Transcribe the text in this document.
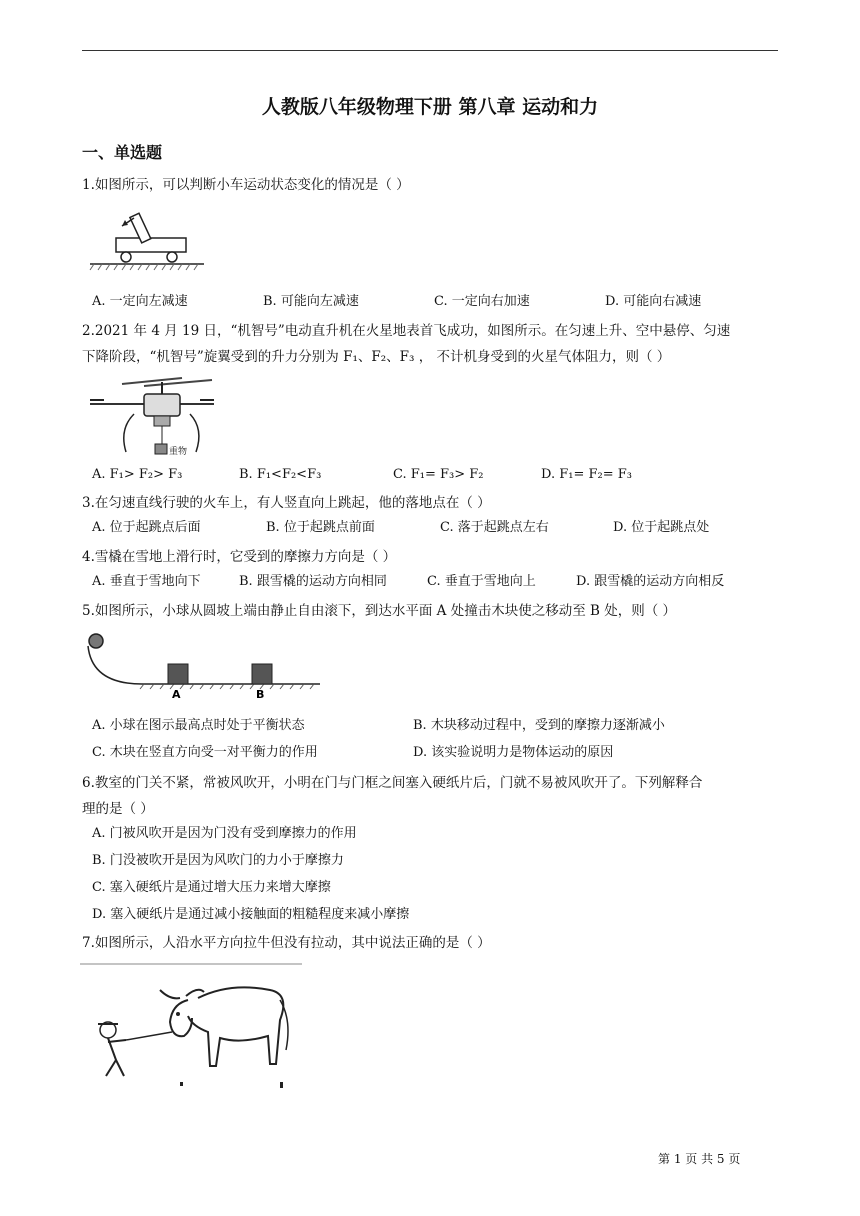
人教版八年级物理下册 第八章 运动和力
一、单选题
1.如图所示，可以判断小车运动状态变化的情况是（ ）
A. 一定向左减速	B. 可能向左减速	C. 一定向右加速	D. 可能向右减速
2.2021 年 4 月 19 日，“机智号”电动直升机在火星地表首飞成功，如图所示。在匀速上升、空中悬停、匀速
下降阶段，“机智号”旋翼受到的升力分别为 F₁、F₂、F₃ ， 不计机身受到的火星气体阻力，则（ ）
重物
A. F₁> F₂> F₃	B. F₁<F₂<F₃	C. F₁= F₃> F₂	D. F₁= F₂= F₃
3.在匀速直线行驶的火车上，有人竖直向上跳起，他的落地点在（ ）
A. 位于起跳点后面	B. 位于起跳点前面	C. 落于起跳点左右	D. 位于起跳点处
4.雪橇在雪地上滑行时，它受到的摩擦力方向是（ ）
A. 垂直于雪地向下	B. 跟雪橇的运动方向相同	C. 垂直于雪地向上	D. 跟雪橇的运动方向相反
5.如图所示，小球从圆坡上端由静止自由滚下，到达水平面 A 处撞击木块使之移动至 B 处，则（ ）
A	B
A. 小球在图示最高点时处于平衡状态	B. 木块移动过程中，受到的摩擦力逐渐减小
C. 木块在竖直方向受一对平衡力的作用	D. 该实验说明力是物体运动的原因
6.教室的门关不紧，常被风吹开，小明在门与门框之间塞入硬纸片后，门就不易被风吹开了。下列解释合
理的是（ ）
A. 门被风吹开是因为门没有受到摩擦力的作用
B. 门没被吹开是因为风吹门的力小于摩擦力
C. 塞入硬纸片是通过增大压力来增大摩擦
D. 塞入硬纸片是通过减小接触面的粗糙程度来减小摩擦
7.如图所示，人沿水平方向拉牛但没有拉动，其中说法正确的是（ ）
第 1 页 共 5 页
